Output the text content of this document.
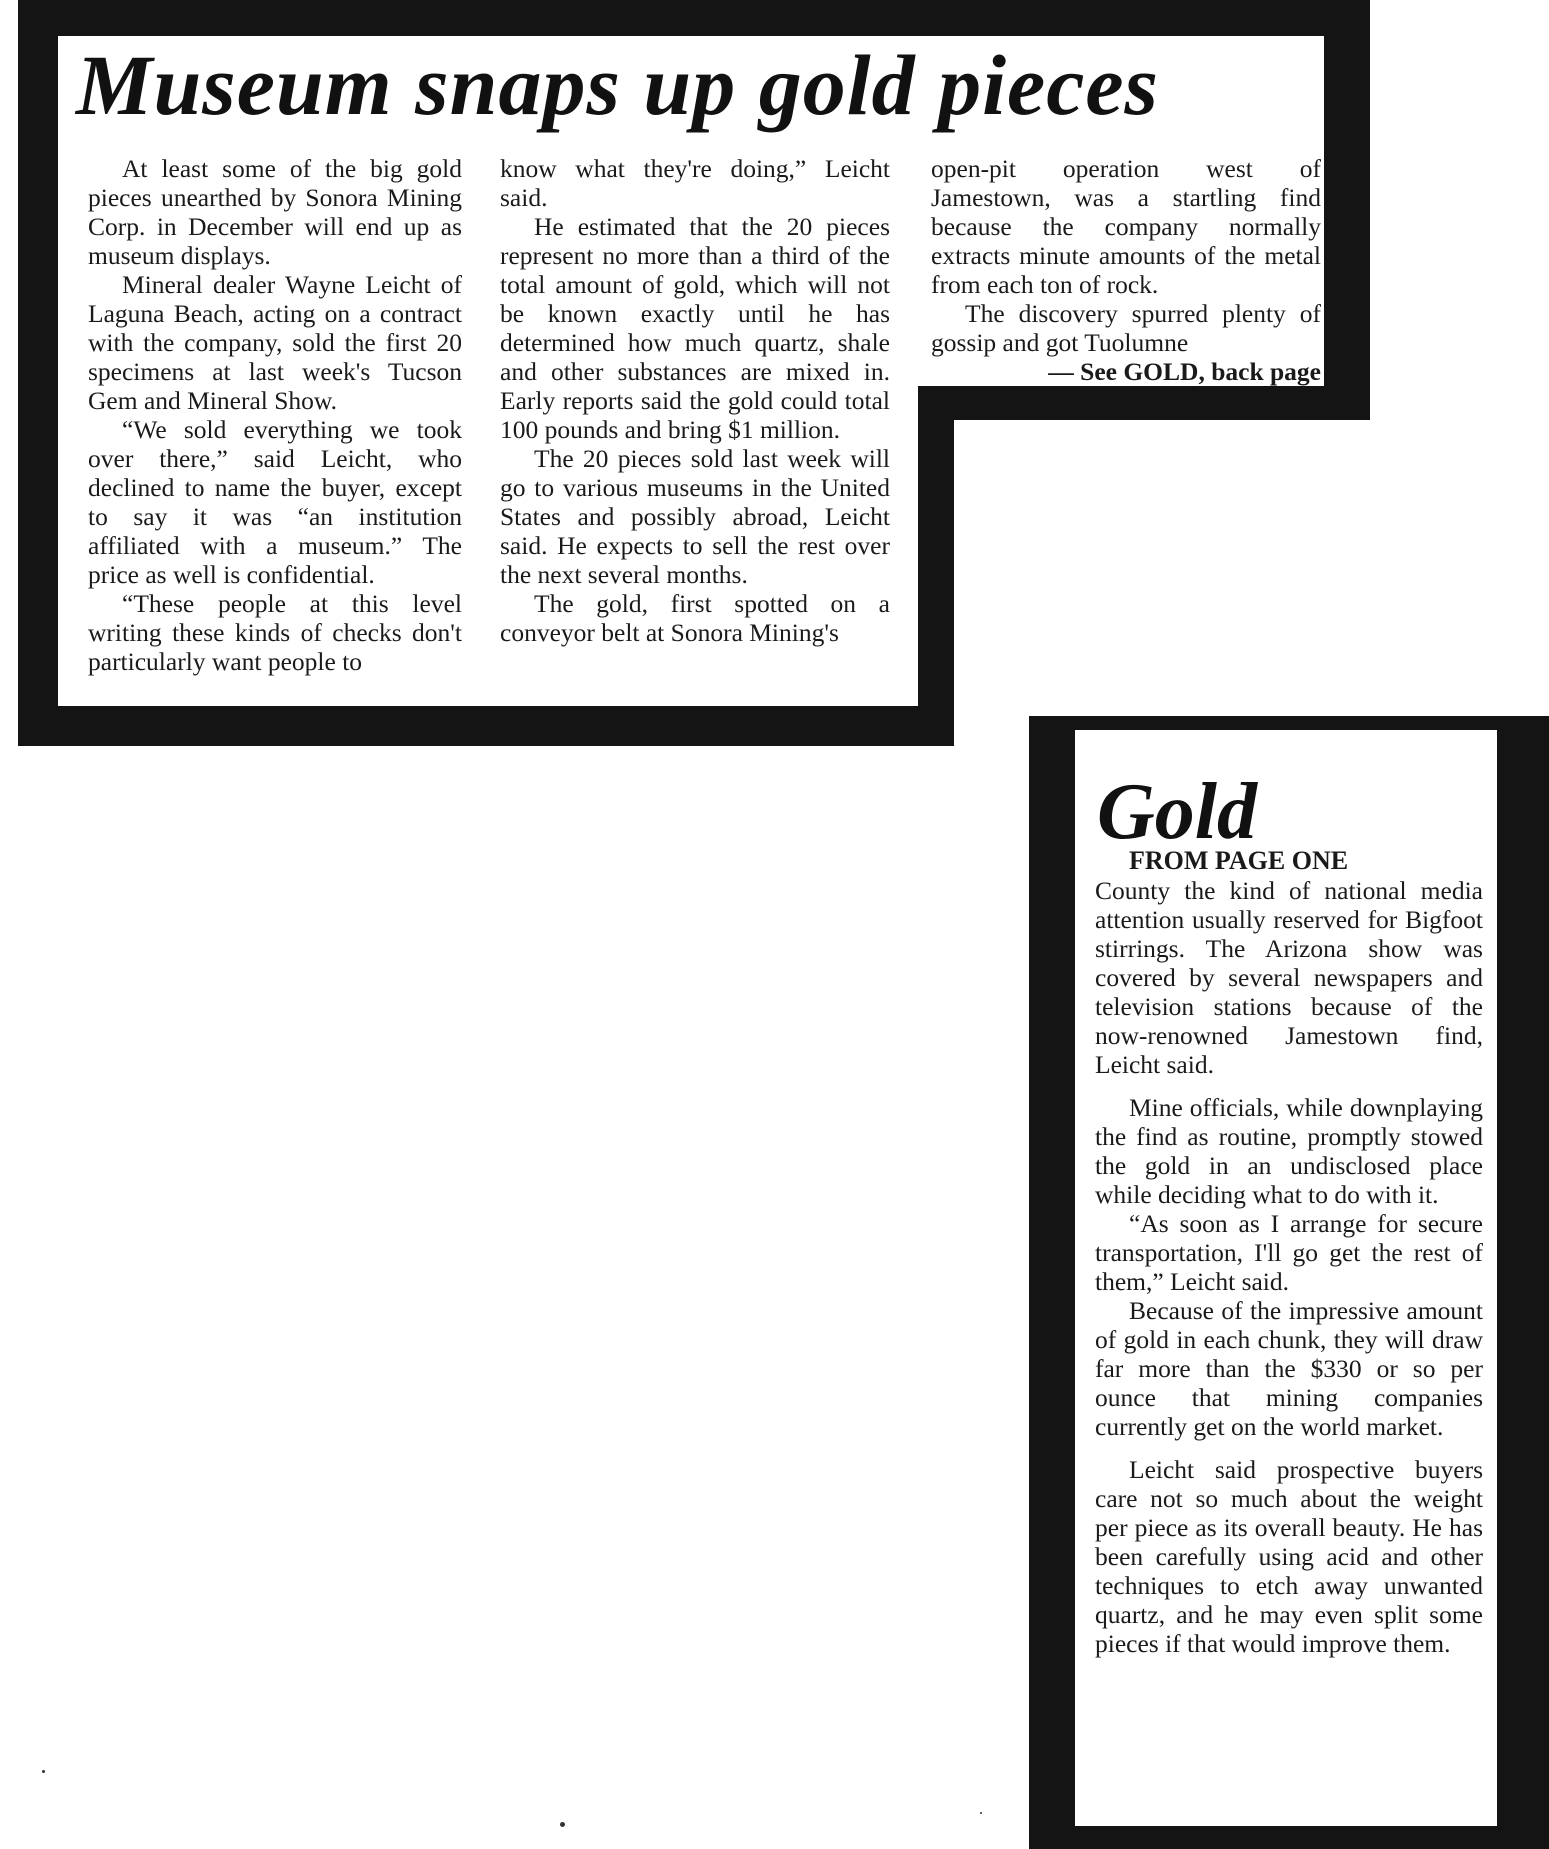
Museum snaps up gold pieces

At least some of the big gold pieces unearthed by Sonora Mining Corp. in December will end up as museum displays.

Mineral dealer Wayne Leicht of Laguna Beach, acting on a contract with the company, sold the first 20 specimens at last week's Tucson Gem and Mineral Show.

“We sold everything we took over there,” said Leicht, who declined to name the buyer, except to say it was “an institution affiliated with a museum.” The price as well is confidential.

“These people at this level writing these kinds of checks don't particularly want people to

know what they're doing,” Leicht said.

He estimated that the 20 pieces represent no more than a third of the total amount of gold, which will not be known exactly until he has determined how much quartz, shale and other substances are mixed in. Early reports said the gold could total 100 pounds and bring $1 million.

The 20 pieces sold last week will go to various museums in the United States and possibly abroad, Leicht said. He expects to sell the rest over the next several months.

The gold, first spotted on a conveyor belt at Sonora Mining's

open-pit operation west of Jamestown, was a startling find because the company normally extracts minute amounts of the metal from each ton of rock.

The discovery spurred plenty of gossip and got Tuolumne

— See GOLD, back page

Gold

FROM PAGE ONE

County the kind of national media attention usually reserved for Bigfoot stirrings. The Arizona show was covered by several newspapers and television stations because of the now-renowned Jamestown find, Leicht said.

Mine officials, while downplaying the find as routine, promptly stowed the gold in an undisclosed place while deciding what to do with it.

“As soon as I arrange for secure transportation, I'll go get the rest of them,” Leicht said.

Because of the impressive amount of gold in each chunk, they will draw far more than the $330 or so per ounce that mining companies currently get on the world market.

Leicht said prospective buyers care not so much about the weight per piece as its overall beauty. He has been carefully using acid and other techniques to etch away unwanted quartz, and he may even split some pieces if that would improve them.
